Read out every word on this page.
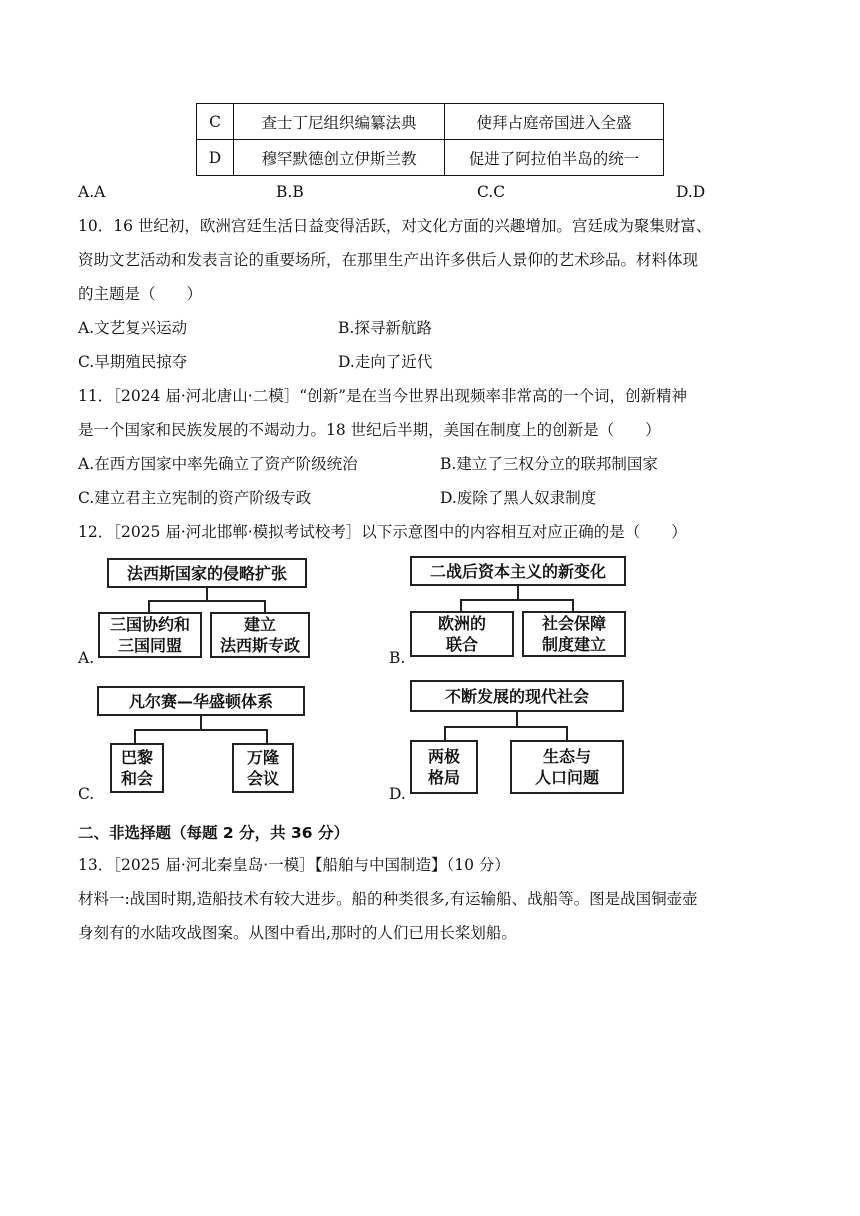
C	查士丁尼组织编纂法典	使拜占庭帝国进入全盛
D	穆罕默德创立伊斯兰教	促进了阿拉伯半岛的统一
A.A	B.B	C.C	D.D
10．16 世纪初，欧洲宫廷生活日益变得活跃，对文化方面的兴趣增加。宫廷成为聚集财富、
资助文艺活动和发表言论的重要场所，在那里生产出许多供后人景仰的艺术珍品。材料体现
的主题是（　　）
A.文艺复兴运动	B.探寻新航路
C.早期殖民掠夺	D.走向了近代
11．［2024 届·河北唐山·二模］“创新”是在当今世界出现频率非常高的一个词，创新精神
是一个国家和民族发展的不竭动力。18 世纪后半期，美国在制度上的创新是（　　）
A.在西方国家中率先确立了资产阶级统治	B.建立了三权分立的联邦制国家
C.建立君主立宪制的资产阶级专政	D.废除了黑人奴隶制度
12．［2025 届·河北邯郸·模拟考试校考］以下示意图中的内容相互对应正确的是（　　）
法西斯国家的侵略扩张
三国协约和
三国同盟
建立
法西斯专政
A.
二战后资本主义的新变化
欧洲的
联合
社会保障
制度建立
B.
凡尔赛—华盛顿体系
巴黎
和会
万隆
会议
C.
不断发展的现代社会
两极
格局
生态与
人口问题
D.
二、非选择题（每题 2 分，共 36 分）
13．［2025 届·河北秦皇岛·一模］【船舶与中国制造】（10 分）
材料一:战国时期,造船技术有较大进步。船的种类很多,有运输船、战船等。图是战国铜壶壶
身刻有的水陆攻战图案。从图中看出,那时的人们已用长桨划船。
